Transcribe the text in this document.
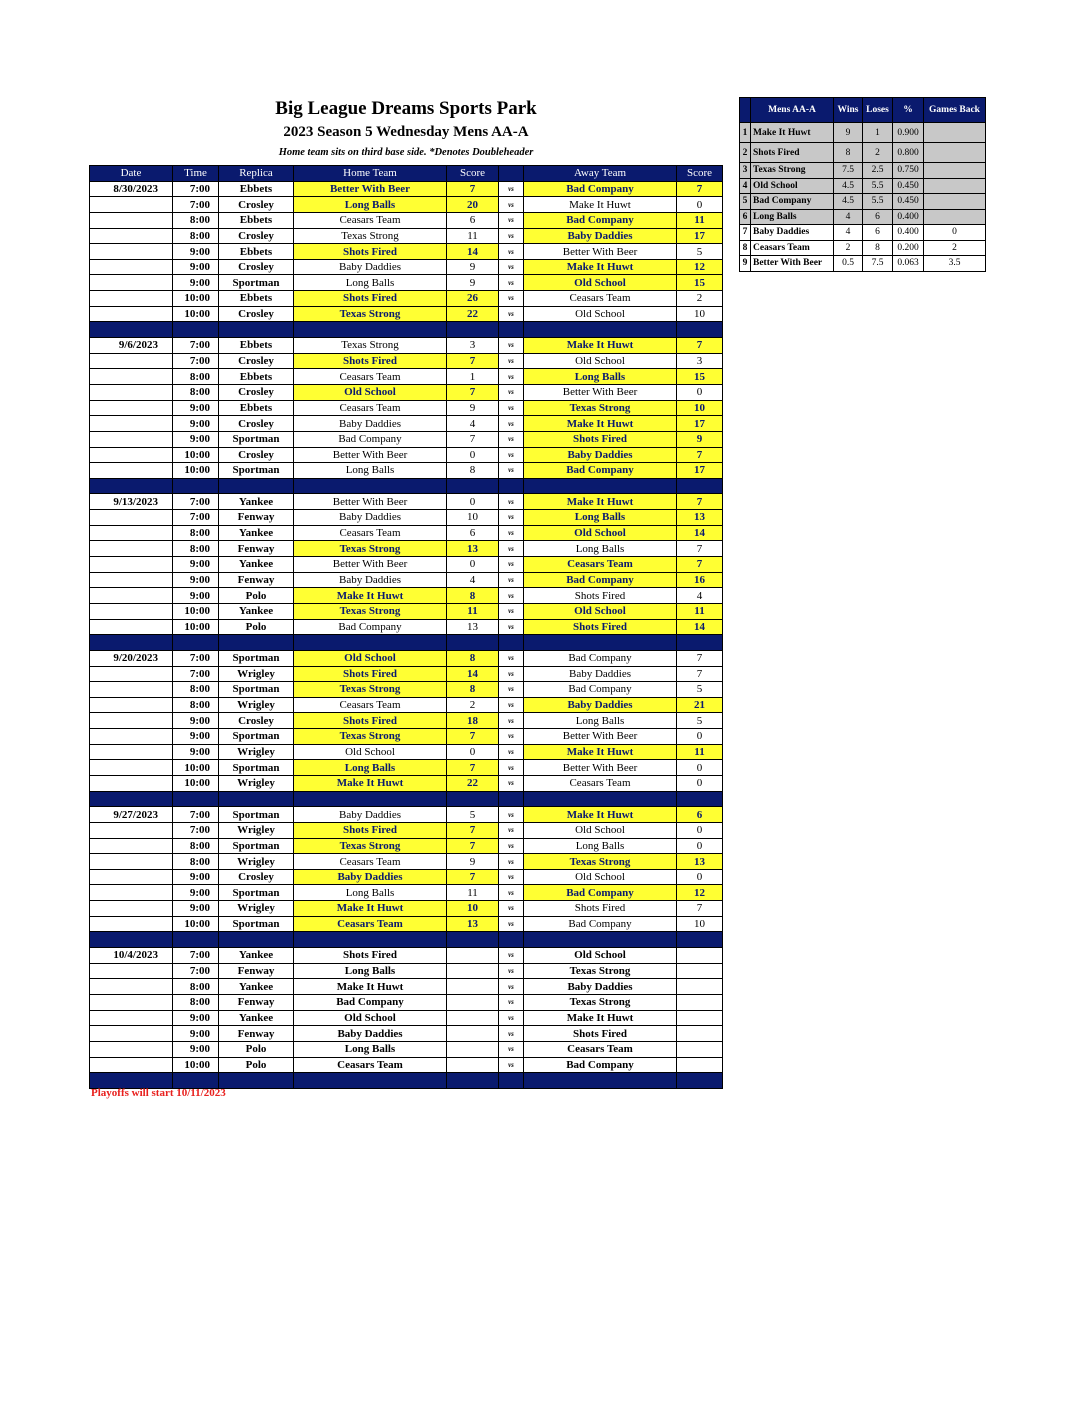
Big League Dreams Sports Park
2023 Season 5 Wednesday Mens AA-A
Home team sits on third base side. *Denotes Doubleheader
Date	Time	Replica	Home Team	Score		Away Team	Score
8/30/2023	7:00	Ebbets	Better With Beer	7	vs	Bad Company	7
	7:00	Crosley	Long Balls	20	vs	Make It Huwt	0
	8:00	Ebbets	Ceasars Team	6	vs	Bad Company	11
	8:00	Crosley	Texas Strong	11	vs	Baby Daddies	17
	9:00	Ebbets	Shots Fired	14	vs	Better With Beer	5
	9:00	Crosley	Baby Daddies	9	vs	Make It Huwt	12
	9:00	Sportman	Long Balls	9	vs	Old School	15
	10:00	Ebbets	Shots Fired	26	vs	Ceasars Team	2
	10:00	Crosley	Texas Strong	22	vs	Old School	10

9/6/2023	7:00	Ebbets	Texas Strong	3	vs	Make It Huwt	7
	7:00	Crosley	Shots Fired	7	vs	Old School	3
	8:00	Ebbets	Ceasars Team	1	vs	Long Balls	15
	8:00	Crosley	Old School	7	vs	Better With Beer	0
	9:00	Ebbets	Ceasars Team	9	vs	Texas Strong	10
	9:00	Crosley	Baby Daddies	4	vs	Make It Huwt	17
	9:00	Sportman	Bad Company	7	vs	Shots Fired	9
	10:00	Crosley	Better With Beer	0	vs	Baby Daddies	7
	10:00	Sportman	Long Balls	8	vs	Bad Company	17

9/13/2023	7:00	Yankee	Better With Beer	0	vs	Make It Huwt	7
	7:00	Fenway	Baby Daddies	10	vs	Long Balls	13
	8:00	Yankee	Ceasars Team	6	vs	Old School	14
	8:00	Fenway	Texas Strong	13	vs	Long Balls	7
	9:00	Yankee	Better With Beer	0	vs	Ceasars Team	7
	9:00	Fenway	Baby Daddies	4	vs	Bad Company	16
	9:00	Polo	Make It Huwt	8	vs	Shots Fired	4
	10:00	Yankee	Texas Strong	11	vs	Old School	11
	10:00	Polo	Bad Company	13	vs	Shots Fired	14

9/20/2023	7:00	Sportman	Old School	8	vs	Bad Company	7
	7:00	Wrigley	Shots Fired	14	vs	Baby Daddies	7
	8:00	Sportman	Texas Strong	8	vs	Bad Company	5
	8:00	Wrigley	Ceasars Team	2	vs	Baby Daddies	21
	9:00	Crosley	Shots Fired	18	vs	Long Balls	5
	9:00	Sportman	Texas Strong	7	vs	Better With Beer	0
	9:00	Wrigley	Old School	0	vs	Make It Huwt	11
	10:00	Sportman	Long Balls	7	vs	Better With Beer	0
	10:00	Wrigley	Make It Huwt	22	vs	Ceasars Team	0

9/27/2023	7:00	Sportman	Baby Daddies	5	vs	Make It Huwt	6
	7:00	Wrigley	Shots Fired	7	vs	Old School	0
	8:00	Sportman	Texas Strong	7	vs	Long Balls	0
	8:00	Wrigley	Ceasars Team	9	vs	Texas Strong	13
	9:00	Crosley	Baby Daddies	7	vs	Old School	0
	9:00	Sportman	Long Balls	11	vs	Bad Company	12
	9:00	Wrigley	Make It Huwt	10	vs	Shots Fired	7
	10:00	Sportman	Ceasars Team	13	vs	Bad Company	10

10/4/2023	7:00	Yankee	Shots Fired		vs	Old School	
	7:00	Fenway	Long Balls		vs	Texas Strong	
	8:00	Yankee	Make It Huwt		vs	Baby Daddies	
	8:00	Fenway	Bad Company		vs	Texas Strong	
	9:00	Yankee	Old School		vs	Make It Huwt	
	9:00	Fenway	Baby Daddies		vs	Shots Fired	
	9:00	Polo	Long Balls		vs	Ceasars Team	
	10:00	Polo	Ceasars Team		vs	Bad Company	

Playoffs will start 10/11/2023
	Mens AA-A	Wins	Loses	%	Games Back
1	Make It Huwt	9	1	0.900	
2	Shots Fired	8	2	0.800	
3	Texas Strong	7.5	2.5	0.750	
4	Old School	4.5	5.5	0.450	
5	Bad Company	4.5	5.5	0.450	
6	Long Balls	4	6	0.400	
7	Baby Daddies	4	6	0.400	0
8	Ceasars Team	2	8	0.200	2
9	Better With Beer	0.5	7.5	0.063	3.5
